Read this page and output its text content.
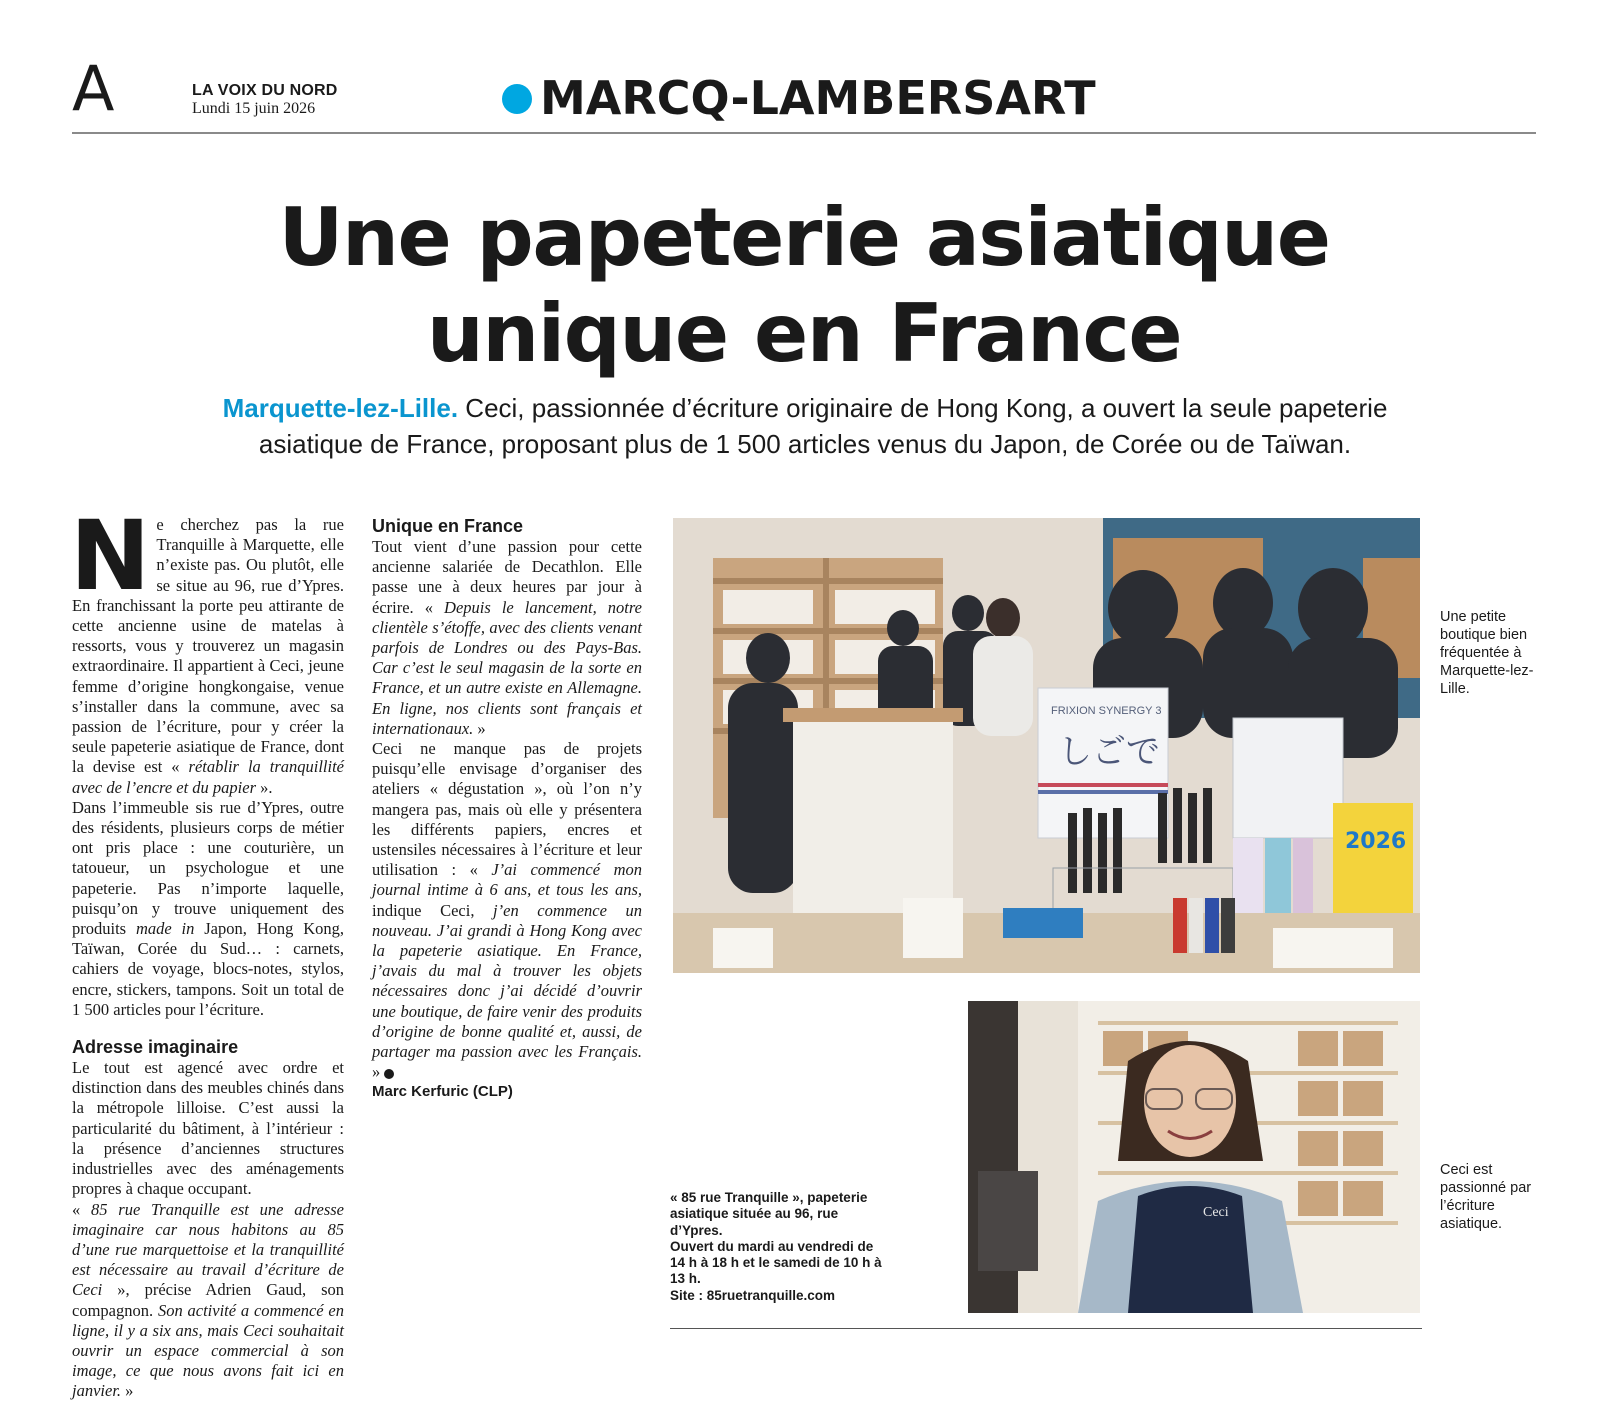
A	LA VOIX DU NORD
Lundi 15 juin 2026	MARCQ-LAMBERSART
Une papeterie asiatique
unique en France
Marquette-lez-Lille. Ceci, passionnée d’écriture originaire de Hong Kong, a ouvert la seule papeterie asiatique de France, proposant plus de 1 500 articles venus du Japon, de Corée ou de Taïwan.

Ne cherchez pas la rue Tranquille à Marquette, elle n’existe pas. Ou plutôt, elle se situe au 96, rue d’Ypres. En franchissant la porte peu attirante de cette ancienne usine de matelas à ressorts, vous y trouverez un magasin extraordinaire. Il appartient à Ceci, jeune femme d’origine hongkongaise, venue s’installer dans la commune, avec sa passion de l’écriture, pour y créer la seule papeterie asiatique de France, dont la devise est « rétablir la tranquillité avec de l’encre et du papier ».

Dans l’immeuble sis rue d’Ypres, outre des résidents, plusieurs corps de métier ont pris place : une couturière, un tatoueur, un psychologue et une papeterie. Pas n’importe laquelle, puisqu’on y trouve uniquement des produits made in Japon, Hong Kong, Taïwan, Corée du Sud… : carnets, cahiers de voyage, blocs-notes, stylos, encre, stickers, tampons. Soit un total de 1 500 articles pour l’écriture.

Adresse imaginaire

Le tout est agencé avec ordre et distinction dans des meubles chinés dans la métropole lilloise. C’est aussi la particularité du bâtiment, à l’intérieur : la présence d’anciennes structures industrielles avec des aménagements propres à chaque occupant.

« 85 rue Tranquille est une adresse imaginaire car nous habitons au 85 d’une rue marquettoise et la tranquillité est nécessaire au travail d’écriture de Ceci », précise Adrien Gaud, son compagnon. Son activité a commencé en ligne, il y a six ans, mais Ceci souhaitait ouvrir un espace commercial à son image, ce que nous avons fait ici en janvier. »

Unique en France

Tout vient d’une passion pour cette ancienne salariée de Decathlon. Elle passe une à deux heures par jour à écrire. « Depuis le lancement, notre clientèle s’étoffe, avec des clients venant parfois de Londres ou des Pays-Bas. Car c’est le seul magasin de la sorte en France, et un autre existe en Allemagne. En ligne, nos clients sont français et internationaux. »

Ceci ne manque pas de projets puisqu’elle envisage d’organiser des ateliers « dégustation », où l’on n’y mangera pas, mais où elle y présentera les différents papiers, encres et ustensiles nécessaires à l’écriture et leur utilisation : « J’ai commencé mon journal intime à 6 ans, et tous les ans, indique Ceci, j’en commence un nouveau. J’ai grandi à Hong Kong avec la papeterie asiatique. En France, j’avais du mal à trouver les objets nécessaires donc j’ai décidé d’ouvrir une boutique, de faire venir des produits d’origine de bonne qualité et, aussi, de partager ma passion avec les Français. »

Marc Kerfuric (CLP)
FRIXION SYNERGY 3
しごで
2026
Ceci
Une petite boutique bien fréquentée à Marquette-lez-Lille.
Ceci est passionné par l’écriture asiatique.
« 85 rue Tranquille », papeterie asiatique située au 96, rue d’Ypres.
Ouvert du mardi au vendredi de 14 h à 18 h et le samedi de 10 h à 13 h.
Site : 85ruetranquille.com
